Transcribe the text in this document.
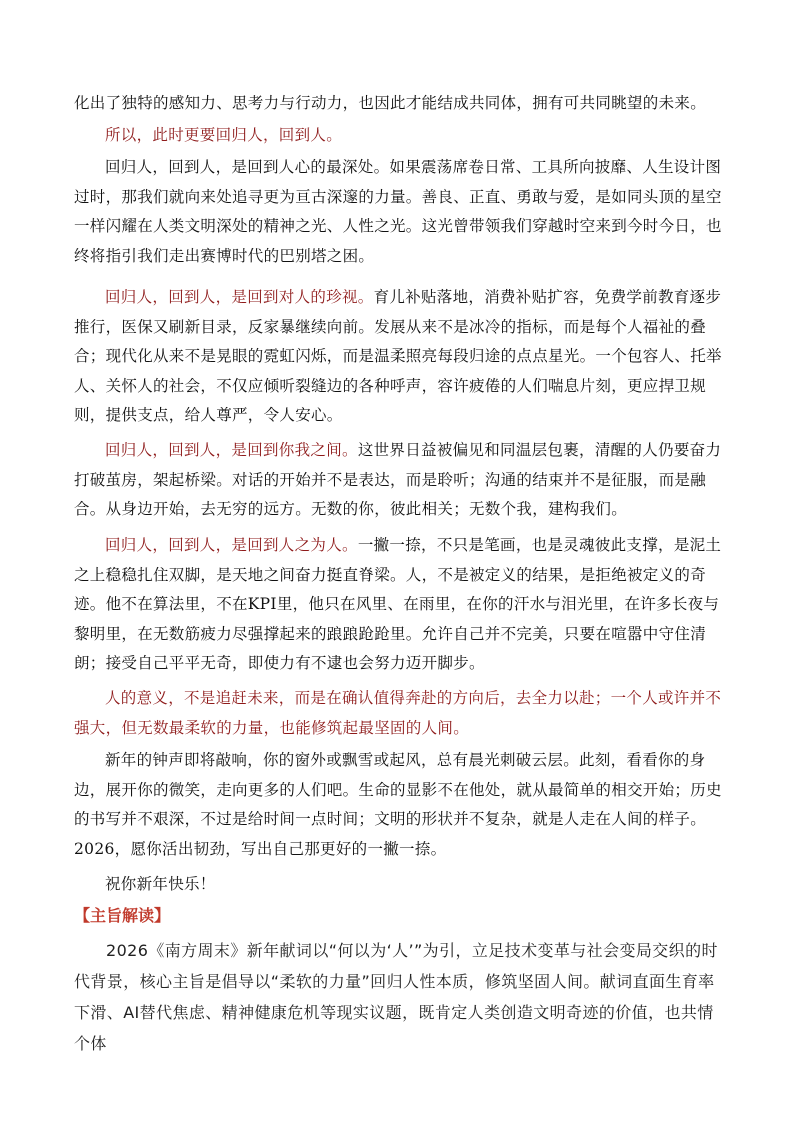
化出了独特的感知力、思考力与行动力，也因此才能结成共同体，拥有可共同眺望的未来。

所以，此时更要回归人，回到人。

回归人，回到人，是回到人心的最深处。如果震荡席卷日常、工具所向披靡、人生设计图过时，那我们就向来处追寻更为亘古深邃的力量。善良、正直、勇敢与爱，是如同头顶的星空一样闪耀在人类文明深处的精神之光、人性之光。这光曾带领我们穿越时空来到今时今日，也终将指引我们走出赛博时代的巴别塔之困。

回归人，回到人，是回到对人的珍视。育儿补贴落地，消费补贴扩容，免费学前教育逐步推行，医保又刷新目录，反家暴继续向前。发展从来不是冰冷的指标，而是每个人福祉的叠合；现代化从来不是晃眼的霓虹闪烁，而是温柔照亮每段归途的点点星光。一个包容人、托举人、关怀人的社会，不仅应倾听裂缝边的各种呼声，容许疲倦的人们喘息片刻，更应捍卫规则，提供支点，给人尊严，令人安心。

回归人，回到人，是回到你我之间。这世界日益被偏见和同温层包裹，清醒的人仍要奋力打破茧房，架起桥梁。对话的开始并不是表达，而是聆听；沟通的结束并不是征服，而是融合。从身边开始，去无穷的远方。无数的你，彼此相关；无数个我，建构我们。

回归人，回到人，是回到人之为人。一撇一捺，不只是笔画，也是灵魂彼此支撑，是泥土之上稳稳扎住双脚，是天地之间奋力挺直脊梁。人，不是被定义的结果，是拒绝被定义的奇迹。他不在算法里，不在KPI里，他只在风里、在雨里，在你的汗水与泪光里，在许多长夜与黎明里，在无数筋疲力尽强撑起来的踉踉跄跄里。允许自己并不完美，只要在喧嚣中守住清朗；接受自己平平无奇，即使力有不逮也会努力迈开脚步。

人的意义，不是追赶未来，而是在确认值得奔赴的方向后，去全力以赴；一个人或许并不强大，但无数最柔软的力量，也能修筑起最坚固的人间。

新年的钟声即将敲响，你的窗外或飘雪或起风，总有晨光刺破云层。此刻，看看你的身边，展开你的微笑，走向更多的人们吧。生命的显影不在他处，就从最简单的相交开始；历史的书写并不艰深，不过是给时间一点时间；文明的形状并不复杂，就是人走在人间的样子。2026，愿你活出韧劲，写出自己那更好的一撇一捺。

祝你新年快乐！

【主旨解读】

2026《南方周末》新年献词以“何以为‘人’”为引，立足技术变革与社会变局交织的时代背景，核心主旨是倡导以“柔软的力量”回归人性本质，修筑坚固人间。献词直面生育率下滑、AI替代焦虑、精神健康危机等现实议题，既肯定人类创造文明奇迹的价值，也共情个体
